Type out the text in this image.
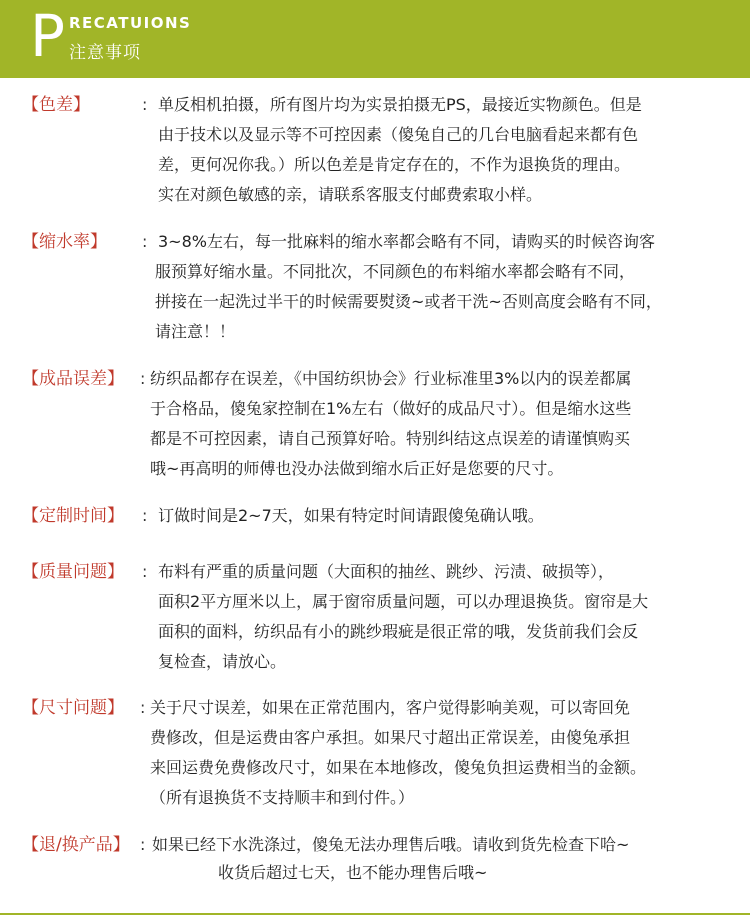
P RECATUIONS
注意事项
【色差】	: 单反相机拍摄，所有图片均为实景拍摄无PS，最接近实物颜色。但是
由于技术以及显示等不可控因素（傻兔自己的几台电脑看起来都有色
差，更何况你我。）所以色差是肯定存在的，不作为退换货的理由。
实在对颜色敏感的亲，请联系客服支付邮费索取小样。
【缩水率】 : 3~8%左右，每一批麻料的缩水率都会略有不同，请购买的时候咨询客
服预算好缩水量。不同批次，不同颜色的布料缩水率都会略有不同，
拼接在一起洗过半干的时候需要熨烫~或者干洗~否则高度会略有不同，
请注意！！
【成品误差】 : 纺织品都存在误差，《中国纺织协会》行业标准里3%以内的误差都属
于合格品，傻兔家控制在1%左右（做好的成品尺寸）。但是缩水这些
都是不可控因素，请自己预算好哈。特别纠结这点误差的请谨慎购买
哦~再高明的师傅也没办法做到缩水后正好是您要的尺寸。
【定制时间】 : 订做时间是2~7天，如果有特定时间请跟傻兔确认哦。
【质量问题】 : 布料有严重的质量问题（大面积的抽丝、跳纱、污渍、破损等），
面积2平方厘米以上，属于窗帘质量问题，可以办理退换货。窗帘是大
面积的面料，纺织品有小的跳纱瑕疵是很正常的哦，发货前我们会反
复检查，请放心。
【尺寸问题】 : 关于尺寸误差，如果在正常范围内，客户觉得影响美观，可以寄回免
费修改，但是运费由客户承担。如果尺寸超出正常误差，由傻兔承担
来回运费免费修改尺寸，如果在本地修改，傻兔负担运费相当的金额。
（所有退换货不支持顺丰和到付件。）
【退/换产品】 : 如果已经下水洗涤过，傻兔无法办理售后哦。请收到货先检查下哈~
收货后超过七天，也不能办理售后哦~
